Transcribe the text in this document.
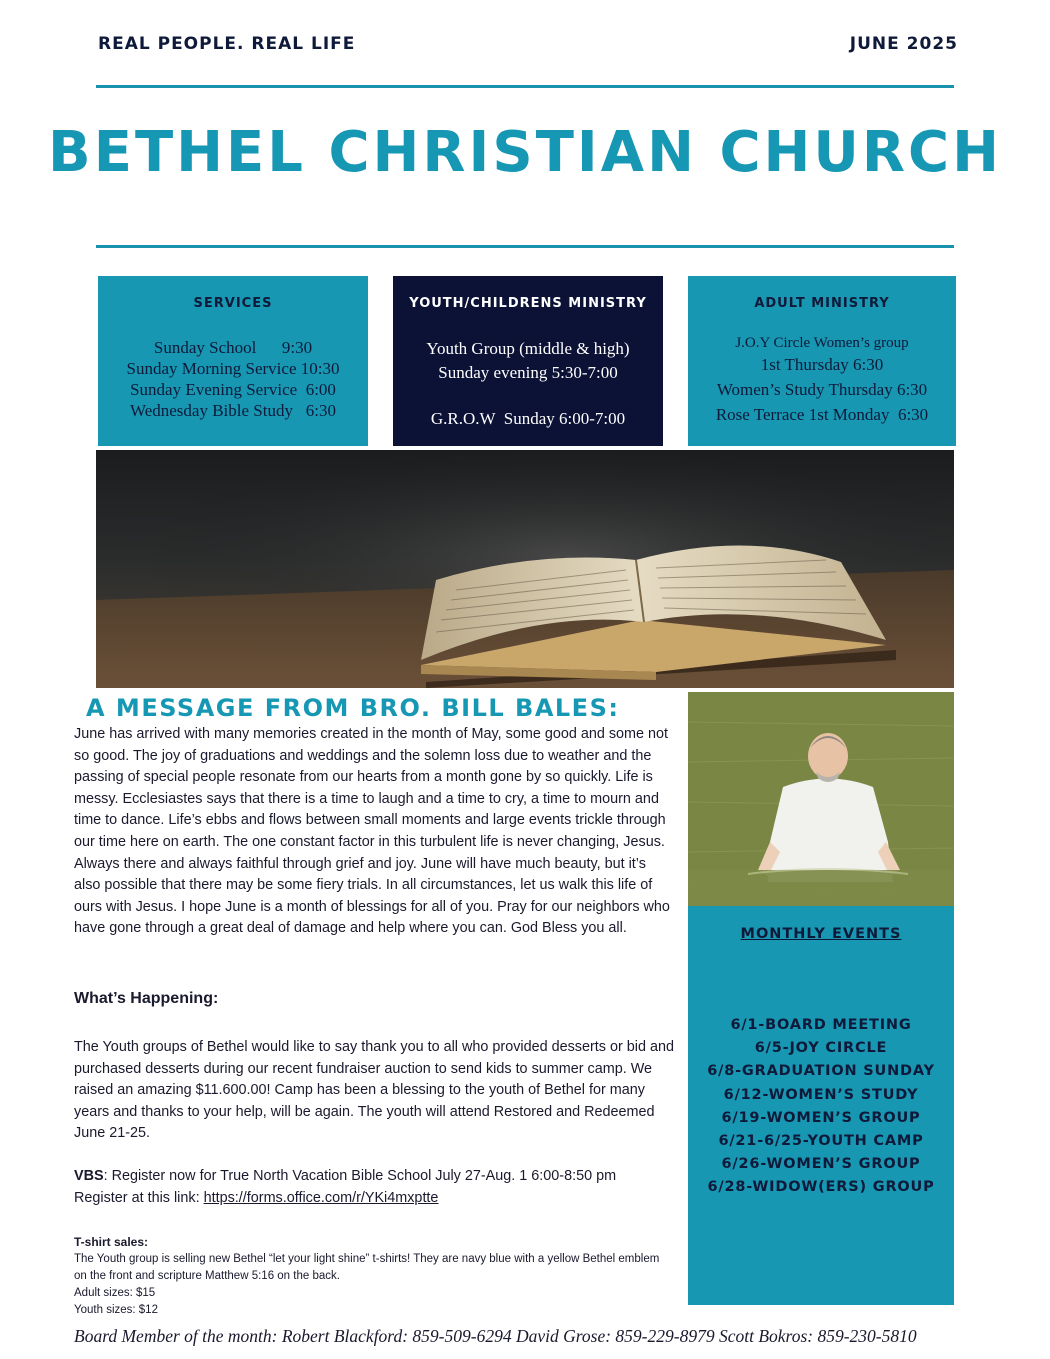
REAL PEOPLE. REAL LIFE	JUNE 2025
BETHEL CHRISTIAN CHURCH
SERVICES
Sunday School      9:30
Sunday Morning Service 10:30
Sunday Evening Service  6:00
Wednesday Bible Study   6:30
YOUTH/CHILDRENS MINISTRY
Youth Group (middle & high)
Sunday evening 5:30-7:00
G.R.O.W  Sunday 6:00-7:00
ADULT MINISTRY
J.O.Y Circle Women’s group
1st Thursday 6:30
Women’s Study Thursday 6:30
Rose Terrace 1st Monday  6:30
A MESSAGE FROM BRO. BILL BALES:

June has arrived with many memories created in the month of May, some good and some not so good. The joy of graduations and weddings and the solemn loss due to weather and the passing of special people resonate from our hearts from a month gone by so quickly. Life is messy. Ecclesiastes says that there is a time to laugh and a time to cry, a time to mourn and time to dance. Life’s ebbs and flows between small moments and large events trickle through our time here on earth. The one constant factor in this turbulent life is never changing, Jesus. Always there and always faithful through grief and joy. June will have much beauty, but it’s also possible that there may be some fiery trials. In all circumstances, let us walk this life of ours with Jesus. I hope June is a month of blessings for all of you. Pray for our neighbors who have gone through a great deal of damage and help where you can. God Bless you all.

What’s Happening:

The Youth groups of Bethel would like to say thank you to all who provided desserts or bid and purchased desserts during our recent fundraiser auction to send kids to summer camp. We raised an amazing $11.600.00! Camp has been a blessing to the youth of Bethel for many years and thanks to your help, will be again. The youth will attend Restored and Redeemed June 21-25.

VBS: Register now for True North Vacation Bible School July 27-Aug. 1 6:00-8:50 pm
Register at this link: https://forms.office.com/r/YKi4mxptte
T-shirt sales:
The Youth group is selling new Bethel “let your light shine” t-shirts! They are navy blue with a yellow Bethel emblem on the front and scripture Matthew 5:16 on the back.
Adult sizes: $15
Youth sizes: $12
Board Member of the month: Robert Blackford: 859-509-6294 David Grose: 859-229-8979 Scott Bokros: 859-230-5810
MONTHLY EVENTS
6/1-BOARD MEETING
6/5-JOY CIRCLE
6/8-GRADUATION SUNDAY
6/12-WOMEN’S STUDY
6/19-WOMEN’S GROUP
6/21-6/25-YOUTH CAMP
6/26-WOMEN’S GROUP
6/28-WIDOW(ERS) GROUP
